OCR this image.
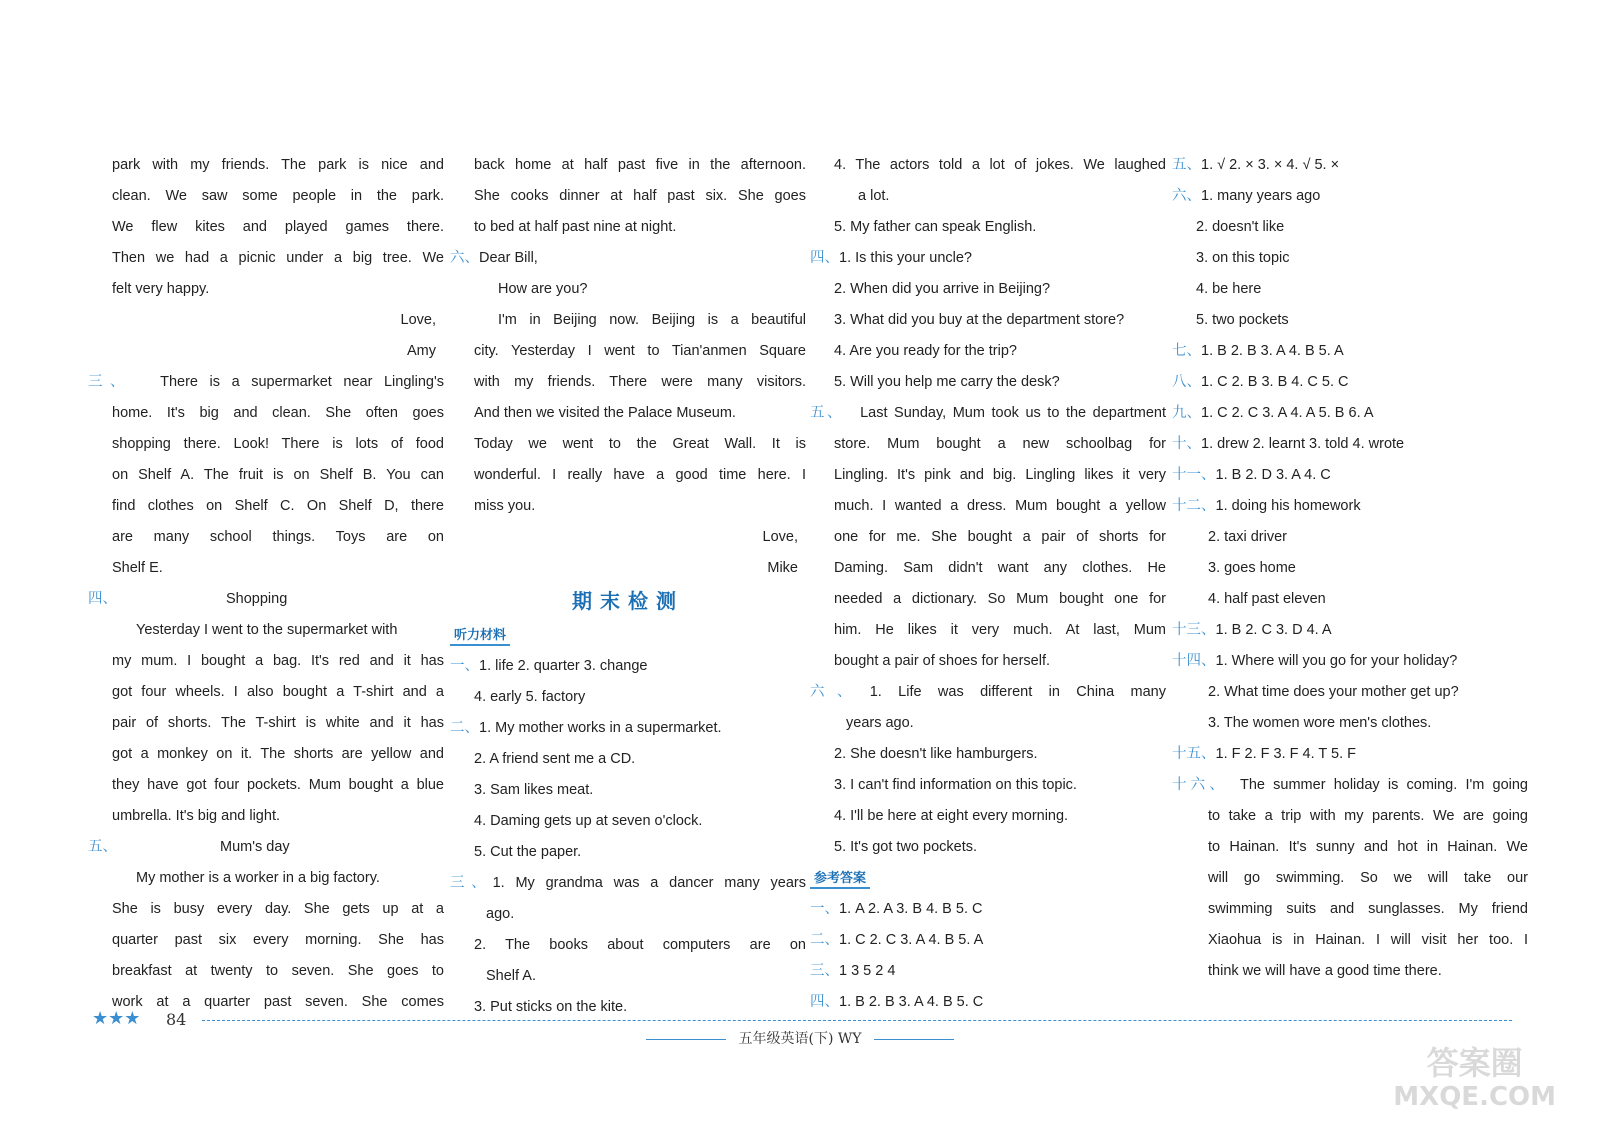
park with my friends. The park is nice and
clean. We saw some people in the park.
We flew kites and played games there.
Then we had a picnic under a big tree. We
felt very happy.
Love,
Amy
三、 There is a supermarket near Lingling's
home. It's big and clean. She often goes
shopping there. Look! There is lots of food
on Shelf A. The fruit is on Shelf B. You can
find clothes on Shelf C. On Shelf D, there
are many school things. Toys are on
Shelf E.
四、	Shopping
Yesterday I went to the supermarket with
my mum. I bought a bag. It's red and it has
got four wheels. I also bought a T-shirt and a
pair of shorts. The T-shirt is white and it has
got a monkey on it. The shorts are yellow and
they have got four pockets. Mum bought a blue
umbrella. It's big and light.
五、	Mum's day
My mother is a worker in a big factory.
She is busy every day. She gets up at a
quarter past six every morning. She has
breakfast at twenty to seven. She goes to
work at a quarter past seven. She comes
back home at half past five in the afternoon.
She cooks dinner at half past six. She goes
to bed at half past nine at night.
六、Dear Bill,
How are you?
I'm in Beijing now. Beijing is a beautiful
city. Yesterday I went to Tian'anmen Square
with my friends. There were many visitors.
And then we visited the Palace Museum.
Today we went to the Great Wall. It is
wonderful. I really have a good time here. I
miss you.
Love,
Mike
期末检测
听力材料
一、1. life 2. quarter 3. change
4. early 5. factory
二、1. My mother works in a supermarket.
2. A friend sent me a CD.
3. Sam likes meat.
4. Daming gets up at seven o'clock.
5. Cut the paper.
三、1. My grandma was a dancer many years
ago.
2. The books about computers are on
Shelf A.
3. Put sticks on the kite.
4. The actors told a lot of jokes. We laughed
a lot.
5. My father can speak English.
四、1. Is this your uncle?
2. When did you arrive in Beijing?
3. What did you buy at the department store?
4. Are you ready for the trip?
5. Will you help me carry the desk?
五、 Last Sunday, Mum took us to the department
store. Mum bought a new schoolbag for
Lingling. It's pink and big. Lingling likes it very
much. I wanted a dress. Mum bought a yellow
one for me. She bought a pair of shorts for
Daming. Sam didn't want any clothes. He
needed a dictionary. So Mum bought one for
him. He likes it very much. At last, Mum
bought a pair of shoes for herself.
六、 1. Life was different in China many
years ago.
2. She doesn't like hamburgers.
3. I can't find information on this topic.
4. I'll be here at eight every morning.
5. It's got two pockets.
参考答案
一、1. A 2. A 3. B 4. B 5. C
二、1. C 2. C 3. A 4. B 5. A
三、1 3 5 2 4
四、1. B 2. B 3. A 4. B 5. C
五、1. √ 2. × 3. × 4. √ 5. ×
六、1. many years ago
2. doesn't like
3. on this topic
4. be here
5. two pockets
七、1. B 2. B 3. A 4. B 5. A
八、1. C 2. B 3. B 4. C 5. C
九、1. C 2. C 3. A 4. A 5. B 6. A
十、1. drew 2. learnt 3. told 4. wrote
十一、1. B 2. D 3. A 4. C
十二、1. doing his homework
2. taxi driver
3. goes home
4. half past eleven
十三、1. B 2. C 3. D 4. A
十四、1. Where will you go for your holiday?
2. What time does your mother get up?
3. The women wore men's clothes.
十五、1. F 2. F 3. F 4. T 5. F
十六、 The summer holiday is coming. I'm going
to take a trip with my parents. We are going
to Hainan. It's sunny and hot in Hainan. We
will go swimming. So we will take our
swimming suits and sunglasses. My friend
Xiaohua is in Hainan. I will visit her too. I
think we will have a good time there.
★★★ 84
五年级英语(下) WY
答案圈
MXQE.COM
